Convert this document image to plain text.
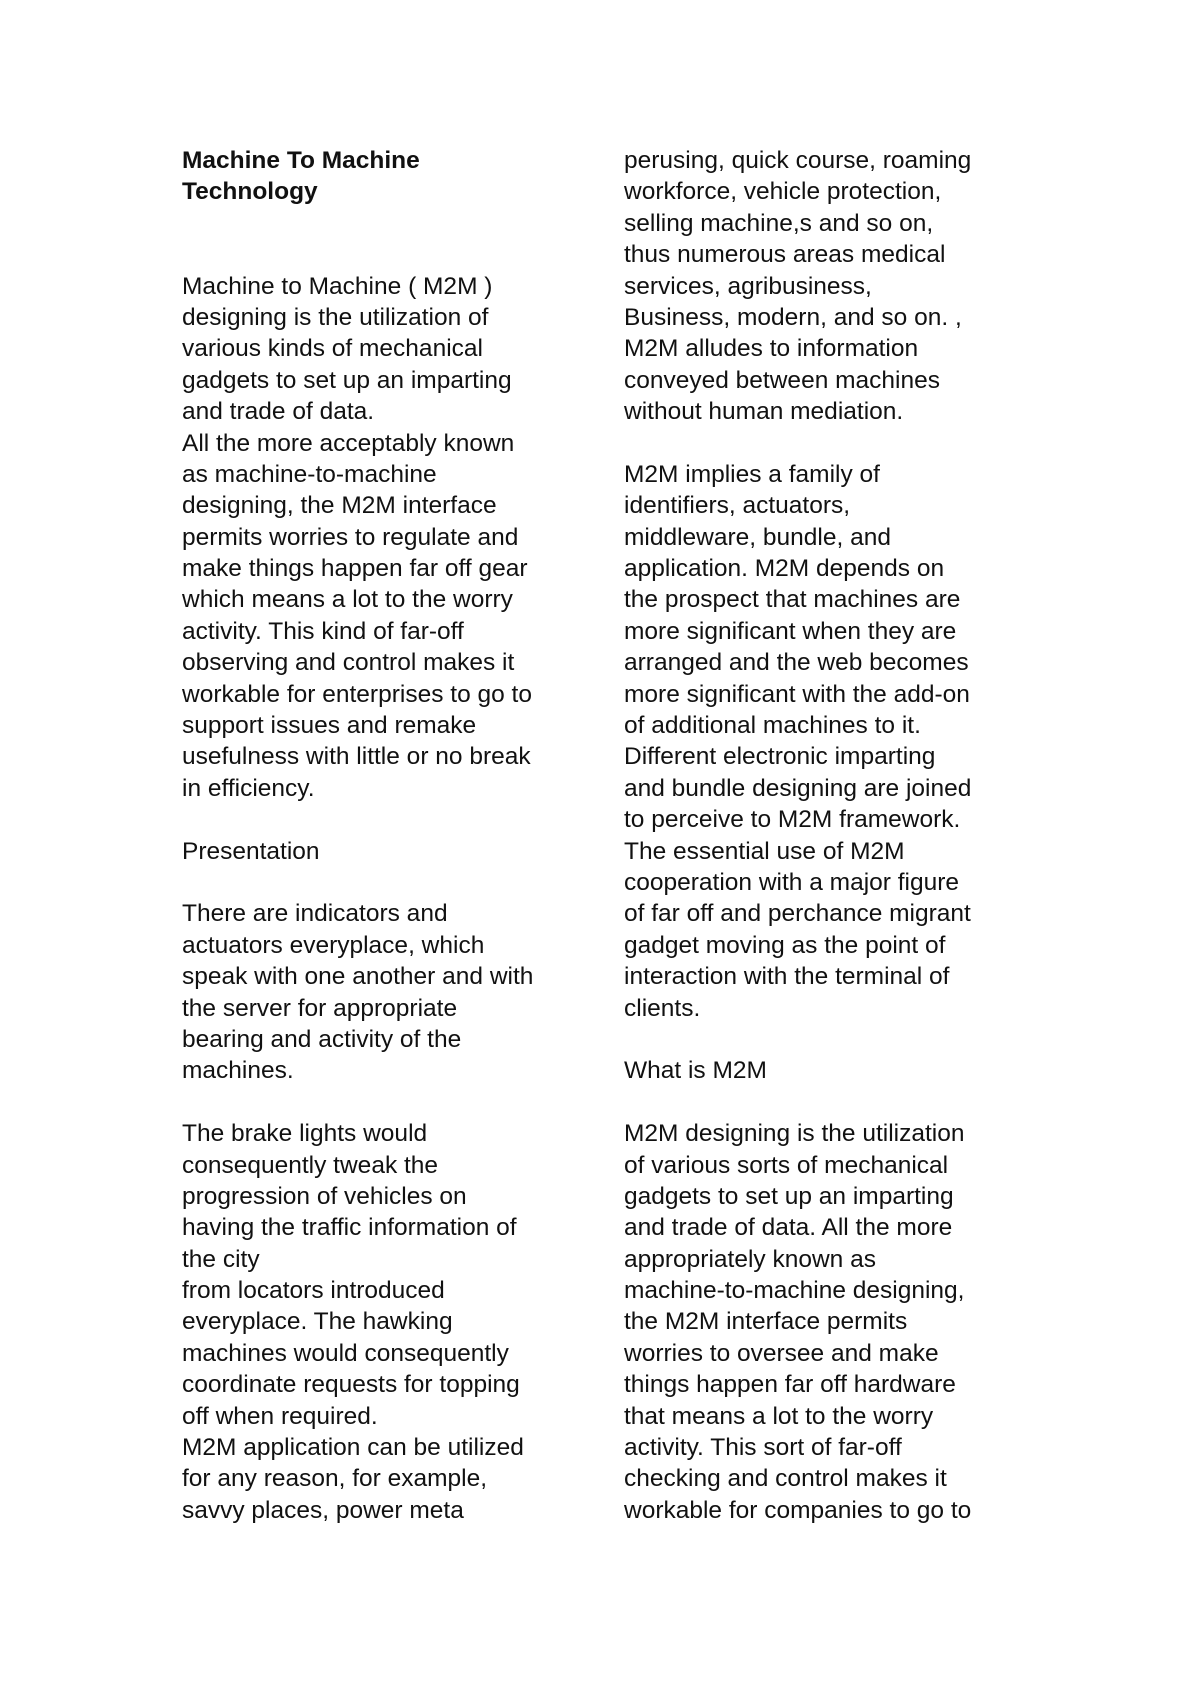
Machine To Machine
Technology
Machine to Machine ( M2M )
designing is the utilization of
various kinds of mechanical
gadgets to set up an imparting
and trade of data.
All the more acceptably known
as machine-to-machine
designing, the M2M interface
permits worries to regulate and
make things happen far off gear
which means a lot to the worry
activity. This kind of far-off
observing and control makes it
workable for enterprises to go to
support issues and remake
usefulness with little or no break
in efficiency.
Presentation
There are indicators and
actuators everyplace, which
speak with one another and with
the server for appropriate
bearing and activity of the
machines.
The brake lights would
consequently tweak the
progression of vehicles on
having the traffic information of
the city
from locators introduced
everyplace. The hawking
machines would consequently
coordinate requests for topping
off when required.
M2M application can be utilized
for any reason, for example,
savvy places, power meta
perusing, quick course, roaming
workforce, vehicle protection,
selling machine,s and so on,
thus numerous areas medical
services, agribusiness,
Business, modern, and so on. ,
M2M alludes to information
conveyed between machines
without human mediation.
M2M implies a family of
identifiers, actuators,
middleware, bundle, and
application. M2M depends on
the prospect that machines are
more significant when they are
arranged and the web becomes
more significant with the add-on
of additional machines to it.
Different electronic imparting
and bundle designing are joined
to perceive to M2M framework.
The essential use of M2M
cooperation with a major figure
of far off and perchance migrant
gadget moving as the point of
interaction with the terminal of
clients.
What is M2M
M2M designing is the utilization
of various sorts of mechanical
gadgets to set up an imparting
and trade of data. All the more
appropriately known as
machine-to-machine designing,
the M2M interface permits
worries to oversee and make
things happen far off hardware
that means a lot to the worry
activity. This sort of far-off
checking and control makes it
workable for companies to go to
